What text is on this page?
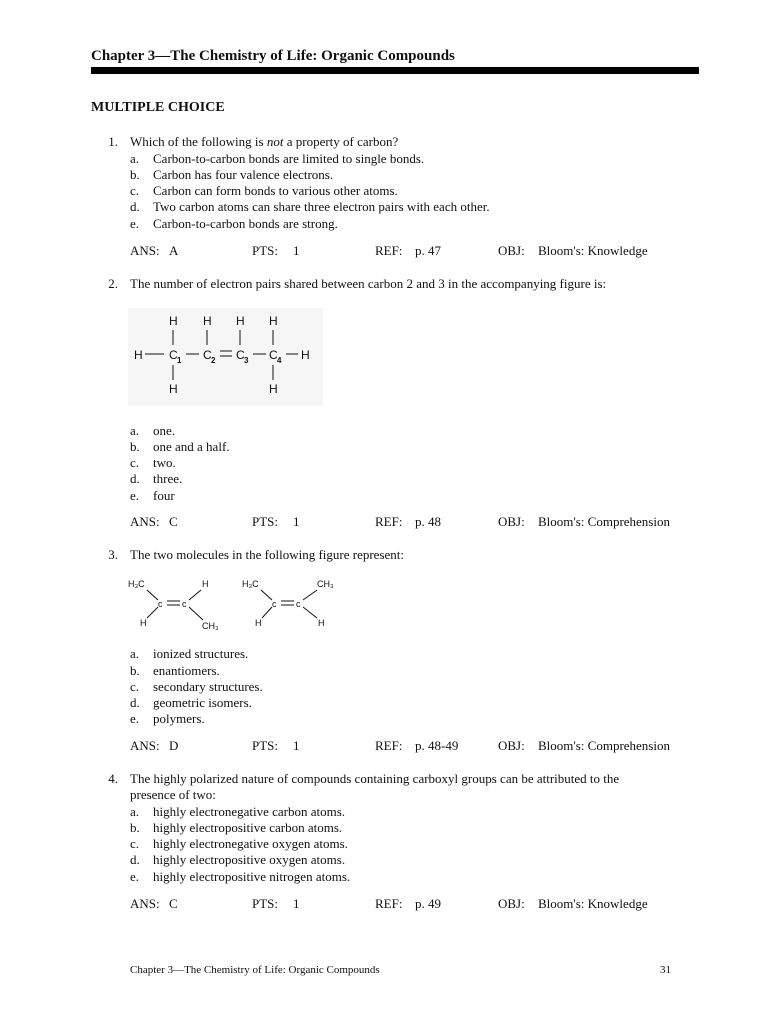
Chapter 3—The Chemistry of Life: Organic Compounds
MULTIPLE CHOICE
1. Which of the following is not a property of carbon?
a.	Carbon-to-carbon bonds are limited to single bonds.
b.	Carbon has four valence electrons.
c.	Carbon can form bonds to various other atoms.
d.	Two carbon atoms can share three electron pairs with each other.
e.	Carbon-to-carbon bonds are strong.
ANS: A	PTS: 1	REF: p. 47	OBJ: Bloom's: Knowledge
2. The number of electron pairs shared between carbon 2 and 3 in the accompanying figure is:
H H H H
H	H
H	H
C 1 C 2 C 3 C 4
a.	one.
b.	one and a half.
c.	two.
d.	three.
e.	four
ANS: C	PTS: 1	REF: p. 48	OBJ: Bloom's: Comprehension
3. The two molecules in the following figure represent:
H₃C	H
c c
H	CH₃
H₃C	CH₃
c c
H	H
a.	ionized structures.
b.	enantiomers.
c.	secondary structures.
d.	geometric isomers.
e.	polymers.
ANS: D	PTS: 1	REF: p. 48-49	OBJ: Bloom's: Comprehension
4. The highly polarized nature of compounds containing carboxyl groups can be attributed to the
presence of two:
a.	highly electronegative carbon atoms.
b.	highly electropositive carbon atoms.
c.	highly electronegative oxygen atoms.
d.	highly electropositive oxygen atoms.
e.	highly electropositive nitrogen atoms.
ANS: C	PTS: 1	REF: p. 49	OBJ: Bloom's: Knowledge
Chapter 3—The Chemistry of Life: Organic Compounds	31
